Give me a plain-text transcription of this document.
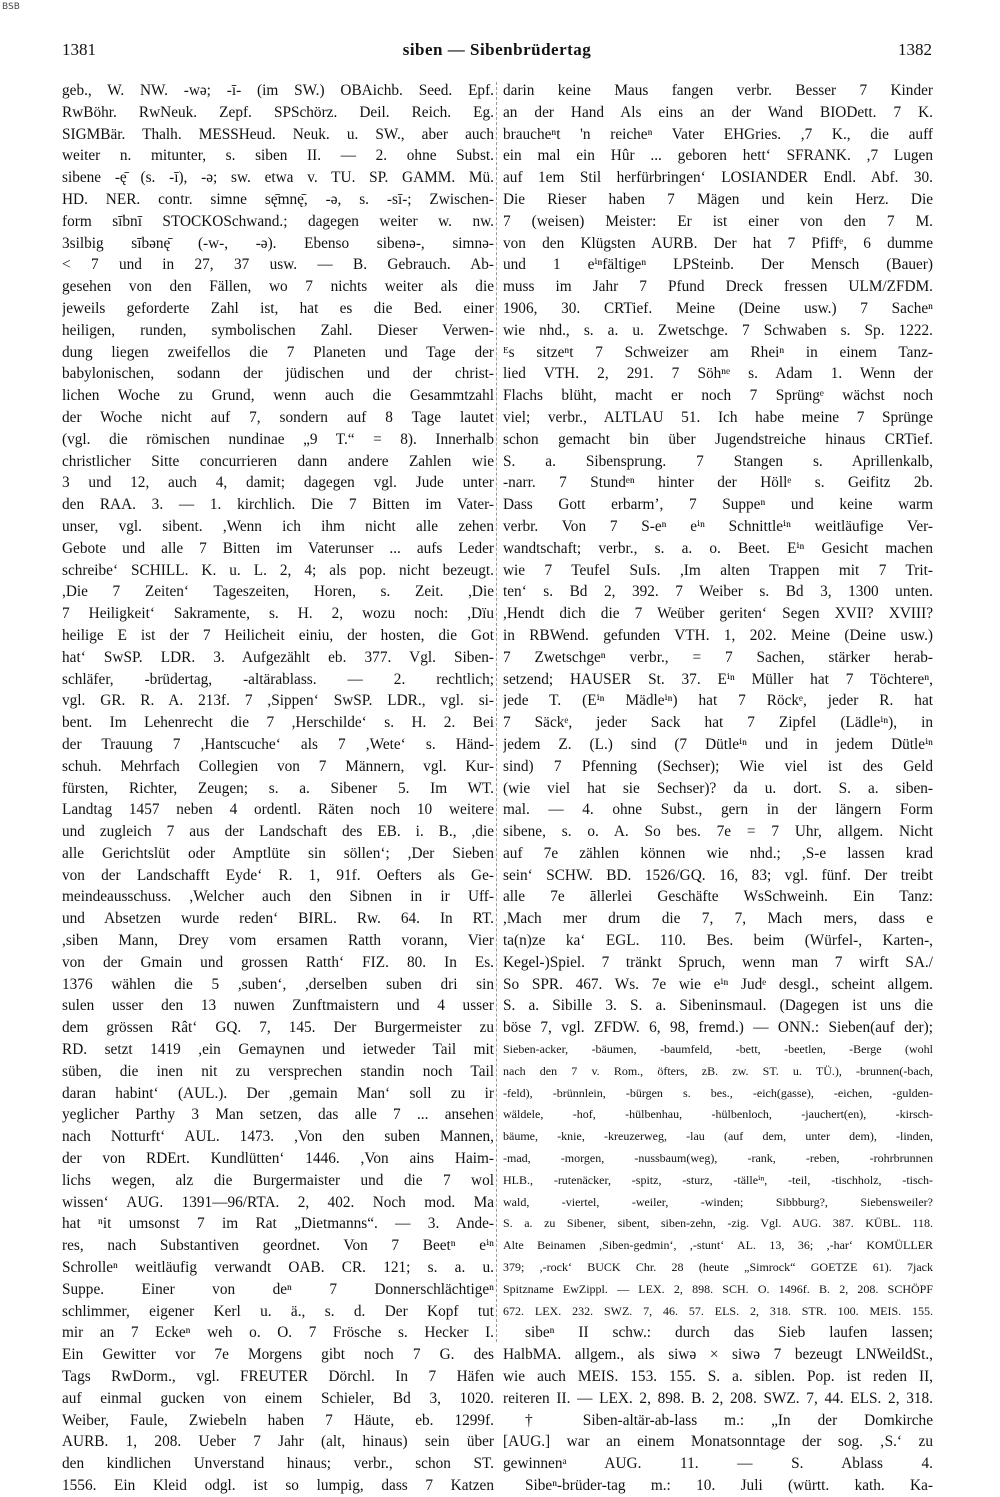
BSB
1381	siben — Sibenbrüdertag	1382
geb., W. NW. -wǝ; -ī- (im SW.) OBAichb. Seed. Epf.
RwBöhr. RwNeuk. Zepf. SPSchörz. Deil. Reich. Eg.
SIGMBär. Thalh. MESSHeud. Neuk. u. SW., aber auch
weiter n. mitunter, s. siben II. — 2. ohne Subst.
sibene -ę̄ (s. -ī), -ǝ; sw. etwa v. TU. SP. GAMM. Mü.
HD. NER. contr. simne sę̄mnę̄, -ǝ, s. -sī-; Zwischen-
form sībnī STOCKOSchwand.; dagegen weiter w. nw.
3silbig sībǝnę̄ (-w-, -ǝ). Ebenso sibenǝ-, simnǝ-
< 7 und in 27, 37 usw. — B. Gebrauch. Ab-
gesehen von den Fällen, wo 7 nichts weiter als die
jeweils geforderte Zahl ist, hat es die Bed. einer
heiligen, runden, symbolischen Zahl. Dieser Verwen-
dung liegen zweifellos die 7 Planeten und Tage der
babylonischen, sodann der jüdischen und der christ-
lichen Woche zu Grund, wenn auch die Gesammtzahl
der Woche nicht auf 7, sondern auf 8 Tage lautet
(vgl. die römischen nundinae „9 T.“ = 8). Innerhalb
christlicher Sitte concurrieren dann andere Zahlen wie
3 und 12, auch 4, damit; dagegen vgl. Jude unter
den RAA. 3. — 1. kirchlich. Die 7 Bitten im Vater-
unser, vgl. sibent. ,Wenn ich ihm nicht alle zehen
Gebote und alle 7 Bitten im Vaterunser ... aufs Leder
schreibe‘ SCHILL. K. u. L. 2, 4; als pop. nicht bezeugt.
,Die 7 Zeiten‘ Tageszeiten, Horen, s. Zeit. ,Die
7 Heiligkeit‘ Sakramente, s. H. 2, wozu noch: ,Dïu
heilige E ist der 7 Heilicheit einiu, der hosten, die Got
hat‘ SwSP. LDR. 3. Aufgezählt eb. 377. Vgl. Siben-
schläfer, -brüdertag, -altärablass. — 2. rechtlich;
vgl. GR. R. A. 213f. 7 ,Sippen‘ SwSP. LDR., vgl. si-
bent. Im Lehenrecht die 7 ,Herschilde‘ s. H. 2. Bei
der Trauung 7 ,Hantscuche‘ als 7 ,Wete‘ s. Händ-
schuh. Mehrfach Collegien von 7 Männern, vgl. Kur-
fürsten, Richter, Zeugen; s. a. Sibener 5. Im WT.
Landtag 1457 neben 4 ordentl. Räten noch 10 weitere
und zugleich 7 aus der Landschaft des EB. i. B., ,die
alle Gerichtslüt oder Amptlüte sin söllen‘; ,Der Sieben
von der Landschafft Eyde‘ R. 1, 91f. Oefters als Ge-
meindeausschuss. ,Welcher auch den Sibnen in ir Uff-
und Absetzen wurde reden‘ BIRL. Rw. 64. In RT.
,siben Mann, Drey vom ersamen Ratth vorann, Vier
von der Gmain und grossen Ratth‘ FIZ. 80. In Es.
1376 wählen die 5 ,suben‘, ,derselben suben dri sin
sulen usser den 13 nuwen Zunftmaistern und 4 usser
dem grössen Rât‘ GQ. 7, 145. Der Burgermeister zu
RD. setzt 1419 ,ein Gemaynen und ietweder Tail mit
süben, die inen nit zu versprechen standin noch Tail
daran habint‘ (AUL.). Der ,gemain Man‘ soll zu ir
yeglicher Parthy 3 Man setzen, das alle 7 ... ansehen
nach Notturft‘ AUL. 1473. ,Von den suben Mannen,
der von RDErt. Kundlütten‘ 1446. ,Von ains Haim-
lichs wegen, alz die Burgermaister und die 7 wol
wissen‘ AUG. 1391—96/RTA. 2, 402. Noch mod. Ma
hat ⁿit umsonst 7 im Rat „Dietmanns“. — 3. Ande-
res, nach Substantiven geordnet. Von 7 Beetⁿ eⁱⁿ
Schrolleⁿ weitläufig verwandt OAB. CR. 121; s. a. u.
Suppe. Einer von deⁿ 7 Donnerschlächtigeⁿ
schlimmer, eigener Kerl u. ä., s. d. Der Kopf tut
mir an 7 Eckeⁿ weh o. O. 7 Frösche s. Hecker I.
Ein Gewitter vor 7e Morgens gibt noch 7 G. des
Tags RwDorm., vgl. FREUTER Dörchl. In 7 Häfen
auf einmal gucken von einem Schieler, Bd 3, 1020.
Weiber, Faule, Zwiebeln haben 7 Häute, eb. 1299f.
AURB. 1, 208. Ueber 7 Jahr (alt, hinaus) sein über
den kindlichen Unverstand hinaus; verbr., schon ST.
1556. Ein Kleid odgl. ist so lumpig, dass 7 Katzen
darin keine Maus fangen verbr. Besser 7 Kinder
an der Hand Als eins an der Wand BIODett. 7 K.
braucheⁿt 'n reicheⁿ Vater EHGries. ,7 K., die auff
ein mal ein Hûr ... geboren hett‘ SFRANK. ,7 Lugen
auf 1em Stil herfürbringen‘ LOSIANDER Endl. Abf. 30.
Die Rieser haben 7 Mägen und kein Herz. Die
7 (weisen) Meister: Er ist einer von den 7 M.
von den Klügsten AURB. Der hat 7 Pfiffᵉ, 6 dumme
und 1 eⁱⁿfältigeⁿ LPSteinb. Der Mensch (Bauer)
muss im Jahr 7 Pfund Dreck fressen ULM/ZFDM.
1906, 30. CRTief. Meine (Deine usw.) 7 Sacheⁿ
wie nhd., s. a. u. Zwetschge. 7 Schwaben s. Sp. 1222.
ᴱs sitzeⁿt 7 Schweizer am Rheiⁿ in einem Tanz-
lied VTH. 2, 291. 7 Söhⁿᵉ s. Adam 1. Wenn der
Flachs blüht, macht er noch 7 Sprüngᵉ wächst noch
viel; verbr., ALTLAU 51. Ich habe meine 7 Sprünge
schon gemacht bin über Jugendstreiche hinaus CRTief.
S. a. Sibensprung. 7 Stangen s. Aprillenkalb,
-narr. 7 Stundᵉⁿ hinter der Höllᵉ s. Geifitz 2b.
Dass Gott erbarm’, 7 Suppeⁿ und keine warm
verbr. Von 7 S-eⁿ eⁱⁿ Schnittleⁱⁿ weitläufige Ver-
wandtschaft; verbr., s. a. o. Beet. Eⁱⁿ Gesicht machen
wie 7 Teufel SuIs. ,Im alten Trappen mit 7 Trit-
ten‘ s. Bd 2, 392. 7 Weiber s. Bd 3, 1300 unten.
,Hendt dich die 7 Weüber geriten‘ Segen XVII? XVIII?
in RBWend. gefunden VTH. 1, 202. Meine (Deine usw.)
7 Zwetschgeⁿ verbr., = 7 Sachen, stärker herab-
setzend; HAUSER St. 37. Eⁱⁿ Müller hat 7 Töchtereⁿ,
jede T. (Eⁱⁿ Mädleⁱⁿ) hat 7 Röckᵉ, jeder R. hat
7 Säckᵉ, jeder Sack hat 7 Zipfel (Lädleⁱⁿ), in
jedem Z. (L.) sind (7 Dütleⁱⁿ und in jedem Dütleⁱⁿ
sind) 7 Pfenning (Sechser); Wie viel ist des Geld
(wie viel hat sie Sechser)? da u. dort. S. a. siben-
mal. — 4. ohne Subst., gern in der längern Form
sibene, s. o. A. So bes. 7e = 7 Uhr, allgem. Nicht
auf 7e zählen können wie nhd.; ,S-e lassen krad
sein‘ SCHW. BD. 1526/GQ. 16, 83; vgl. fünf. Der treibt
alle 7e āllerlei Geschäfte WsSchweinh. Ein Tanz:
,Mach mer drum die 7, 7, Mach mers, dass e
ta(n)ze ka‘ EGL. 110. Bes. beim (Würfel-, Karten-,
Kegel-)Spiel. 7 tränkt Spruch, wenn man 7 wirft SA./
So SPR. 467. Ws. 7e wie eⁱⁿ Judᵉ desgl., scheint allgem.
S. a. Sibille 3. S. a. Sibeninsmaul. (Dagegen ist uns die
böse 7, vgl. ZFDW. 6, 98, fremd.) — ONN.: Sieben(auf der);
Sieben-acker, -bäumen, -baumfeld, -bett, -beetlen, -Berge (wohl
nach den 7 v. Rom., öfters, zB. zw. ST. u. TÜ.), -brunnen(-bach,
-feld), -brünnlein, -bürgen s. bes., -eich(gasse), -eichen, -gulden-
wäldele, -hof, -hülbenhau, -hülbenloch, -jauchert(en), -kirsch-
bäume, -knie, -kreuzerweg, -lau (auf dem, unter dem), -linden,
-mad, -morgen, -nussbaum(weg), -rank, -reben, -rohrbrunnen
HLB., -rutenäcker, -spitz, -sturz, -tälleⁱⁿ, -teil, -tischholz, -tisch-
wald, -viertel, -weiler, -winden; Sibbburg?, Siebensweiler?
S. a. zu Sibener, sibent, siben-zehn, -zig. Vgl. AUG. 387. KÜBL. 118.
Alte Beinamen ,Siben-gedmin‘, ,-stunt‘ AL. 13, 36; ,-har‘ KOMÜLLER
379; ,-rock‘ BUCK Chr. 28 (heute „Simrock“ GOETZE 61). 7jack
Spitzname EwZippl. — LEX. 2, 898. SCH. O. 1496f. B. 2, 208. SCHÖPF
672. LEX. 232. SWZ. 7, 46. 57. ELS. 2, 318. STR. 100. MEIS. 155.
sibeⁿ II schw.: durch das Sieb laufen lassen;
HalbMA. allgem., als siwǝ × siwǝ 7 bezeugt LNWeildSt.,
wie auch MEIS. 153. 155. S. a. siblen. Pop. ist reden II,
reiteren II. — LEX. 2, 898. B. 2, 208. SWZ. 7, 44. ELS. 2, 318.
† Siben-altär-ab-lass m.: „In der Domkirche
[AUG.] war an einem Monatsonntage der sog. ‚S.‘ zu
gewinnenᵃ AUG. 11. — S. Ablass 4.
Sibeⁿ-brüder-tag m.: 10. Juli (württ. kath. Ka-
